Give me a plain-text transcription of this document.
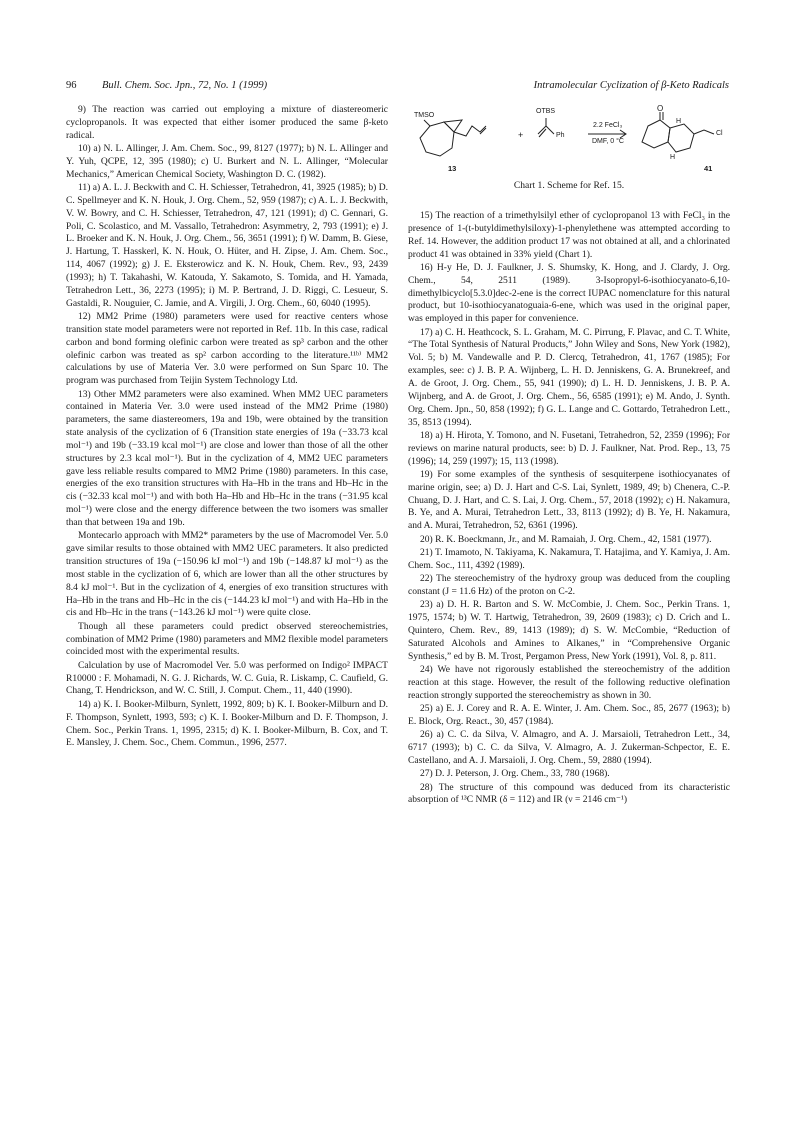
96 Bull. Chem. Soc. Jpn., 72, No. 1 (1999)	Intramolecular Cyclization of β-Keto Radicals

9) The reaction was carried out employing a mixture of diastereomeric cyclopropanols. It was expected that either isomer produced the same β-keto radical.

10) a) N. L. Allinger, J. Am. Chem. Soc., 99, 8127 (1977); b) N. L. Allinger and Y. Yuh, QCPE, 12, 395 (1980); c) U. Burkert and N. L. Allinger, “Molecular Mechanics,” American Chemical Society, Washington D. C. (1982).

11) a) A. L. J. Beckwith and C. H. Schiesser, Tetrahedron, 41, 3925 (1985); b) D. C. Spellmeyer and K. N. Houk, J. Org. Chem., 52, 959 (1987); c) A. L. J. Beckwith, V. W. Bowry, and C. H. Schiesser, Tetrahedron, 47, 121 (1991); d) C. Gennari, G. Poli, C. Scolastico, and M. Vassallo, Tetrahedron: Asymmetry, 2, 793 (1991); e) J. L. Broeker and K. N. Houk, J. Org. Chem., 56, 3651 (1991); f) W. Damm, B. Giese, J. Hartung, T. Hasskerl, K. N. Houk, O. Hüter, and H. Zipse, J. Am. Chem. Soc., 114, 4067 (1992); g) J. E. Eksterowicz and K. N. Houk, Chem. Rev., 93, 2439 (1993); h) T. Takahashi, W. Katouda, Y. Sakamoto, S. Tomida, and H. Yamada, Tetrahedron Lett., 36, 2273 (1995); i) M. P. Bertrand, J. D. Riggi, C. Lesueur, S. Gastaldi, R. Nouguier, C. Jamie, and A. Virgili, J. Org. Chem., 60, 6040 (1995).

12) MM2 Prime (1980) parameters were used for reactive centers whose transition state model parameters were not reported in Ref. 11b. In this case, radical carbon and bond forming olefinic carbon were treated as sp³ carbon and the other olefinic carbon was treated as sp² carbon according to the literature.¹¹ᵇ⁾ MM2 calculations by use of Materia Ver. 3.0 were performed on Sun Sparc 10. The program was purchased from Teijin System Technology Ltd.

13) Other MM2 parameters were also examined. When MM2 UEC parameters contained in Materia Ver. 3.0 were used instead of the MM2 Prime (1980) parameters, the same diastereomers, 19a and 19b, were obtained by the transition state analysis of the cyclization of 6 (Transition state energies of 19a (−33.73 kcal mol⁻¹) and 19b (−33.19 kcal mol⁻¹) are close and lower than those of all the other structures by 2.3 kcal mol⁻¹). But in the cyclization of 4, MM2 UEC parameters gave less reliable results compared to MM2 Prime (1980) parameters. In this case, energies of the exo transition structures with Ha–Hb in the trans and Hb–Hc in the cis (−32.33 kcal mol⁻¹) and with both Ha–Hb and Hb–Hc in the trans (−31.95 kcal mol⁻¹) were close and the energy difference between the two isomers was smaller than that between 19a and 19b.

Montecarlo approach with MM2* parameters by the use of Macromodel Ver. 5.0 gave similar results to those obtained with MM2 UEC parameters. It also predicted transition structures of 19a (−150.96 kJ mol⁻¹) and 19b (−148.87 kJ mol⁻¹) as the most stable in the cyclization of 6, which are lower than all the other structures by 8.4 kJ mol⁻¹. But in the cyclization of 4, energies of exo transition structures with Ha–Hb in the trans and Hb–Hc in the cis (−144.23 kJ mol⁻¹) and with Ha–Hb in the cis and Hb–Hc in the trans (−143.26 kJ mol⁻¹) were quite close.

Though all these parameters could predict observed stereochemistries, combination of MM2 Prime (1980) parameters and MM2 flexible model parameters coincided most with the experimental results.

Calculation by use of Macromodel Ver. 5.0 was performed on Indigo² IMPACT R10000 : F. Mohamadi, N. G. J. Richards, W. C. Guia, R. Liskamp, C. Caufield, G. Chang, T. Hendrickson, and W. C. Still, J. Comput. Chem., 11, 440 (1990).

14) a) K. I. Booker-Milburn, Synlett, 1992, 809; b) K. I. Booker-Milburn and D. F. Thompson, Synlett, 1993, 593; c) K. I. Booker-Milburn and D. F. Thompson, J. Chem. Soc., Perkin Trans. 1, 1995, 2315; d) K. I. Booker-Milburn, B. Cox, and T. E. Mansley, J. Chem. Soc., Chem. Commun., 1996, 2577.

TMSO
OTBS
Ph
+
2.2 FeCl₃
DMF, 0 °C
13
O
H
H
Cl
41
Chart 1. Scheme for Ref. 15.

15) The reaction of a trimethylsilyl ether of cyclopropanol 13 with FeCl₃ in the presence of 1-(t-butyldimethylsiloxy)-1-phenylethene was attempted according to Ref. 14. However, the addition product 17 was not obtained at all, and a chlorinated product 41 was obtained in 33% yield (Chart 1).

16) H-y He, D. J. Faulkner, J. S. Shumsky, K. Hong, and J. Clardy, J. Org. Chem., 54, 2511 (1989). 3-Isopropyl-6-isothiocyanato-6,10-dimethylbicyclo[5.3.0]dec-2-ene is the correct IUPAC nomenclature for this natural product, but 10-isothiocyanatoguaia-6-ene, which was used in the original paper, was employed in this paper for convenience.

17) a) C. H. Heathcock, S. L. Graham, M. C. Pirrung, F. Plavac, and C. T. White, “The Total Synthesis of Natural Products,” John Wiley and Sons, New York (1982), Vol. 5; b) M. Vandewalle and P. D. Clercq, Tetrahedron, 41, 1767 (1985); For examples, see: c) J. B. P. A. Wijnberg, L. H. D. Jenniskens, G. A. Brunekreef, and A. de Groot, J. Org. Chem., 55, 941 (1990); d) L. H. D. Jenniskens, J. B. P. A. Wijnberg, and A. de Groot, J. Org. Chem., 56, 6585 (1991); e) M. Ando, J. Synth. Org. Chem. Jpn., 50, 858 (1992); f) G. L. Lange and C. Gottardo, Tetrahedron Lett., 35, 8513 (1994).

18) a) H. Hirota, Y. Tomono, and N. Fusetani, Tetrahedron, 52, 2359 (1996); For reviews on marine natural products, see: b) D. J. Faulkner, Nat. Prod. Rep., 13, 75 (1996); 14, 259 (1997); 15, 113 (1998).

19) For some examples of the synthesis of sesquiterpene isothiocyanates of marine origin, see; a) D. J. Hart and C-S. Lai, Synlett, 1989, 49; b) Chenera, C.-P. Chuang, D. J. Hart, and C. S. Lai, J. Org. Chem., 57, 2018 (1992); c) H. Nakamura, B. Ye, and A. Murai, Tetrahedron Lett., 33, 8113 (1992); d) B. Ye, H. Nakamura, and A. Murai, Tetrahedron, 52, 6361 (1996).

20) R. K. Boeckmann, Jr., and M. Ramaiah, J. Org. Chem., 42, 1581 (1977).

21) T. Imamoto, N. Takiyama, K. Nakamura, T. Hatajima, and Y. Kamiya, J. Am. Chem. Soc., 111, 4392 (1989).

22) The stereochemistry of the hydroxy group was deduced from the coupling constant (J = 11.6 Hz) of the proton on C-2.

23) a) D. H. R. Barton and S. W. McCombie, J. Chem. Soc., Perkin Trans. 1, 1975, 1574; b) W. T. Hartwig, Tetrahedron, 39, 2609 (1983); c) D. Crich and L. Quintero, Chem. Rev., 89, 1413 (1989); d) S. W. McCombie, “Reduction of Saturated Alcohols and Amines to Alkanes,” in “Comprehensive Organic Synthesis,” ed by B. M. Trost, Pergamon Press, New York (1991), Vol. 8, p. 811.

24) We have not rigorously established the stereochemistry of the addition reaction at this stage. However, the result of the following reductive olefination reaction strongly supported the stereochemistry as shown in 30.

25) a) E. J. Corey and R. A. E. Winter, J. Am. Chem. Soc., 85, 2677 (1963); b) E. Block, Org. React., 30, 457 (1984).

26) a) C. C. da Silva, V. Almagro, and A. J. Marsaioli, Tetrahedron Lett., 34, 6717 (1993); b) C. C. da Silva, V. Almagro, A. J. Zukerman-Schpector, E. E. Castellano, and A. J. Marsaioli, J. Org. Chem., 59, 2880 (1994).

27) D. J. Peterson, J. Org. Chem., 33, 780 (1968).

28) The structure of this compound was deduced from its characteristic absorption of ¹³C NMR (δ = 112) and IR (ν = 2146 cm⁻¹)
